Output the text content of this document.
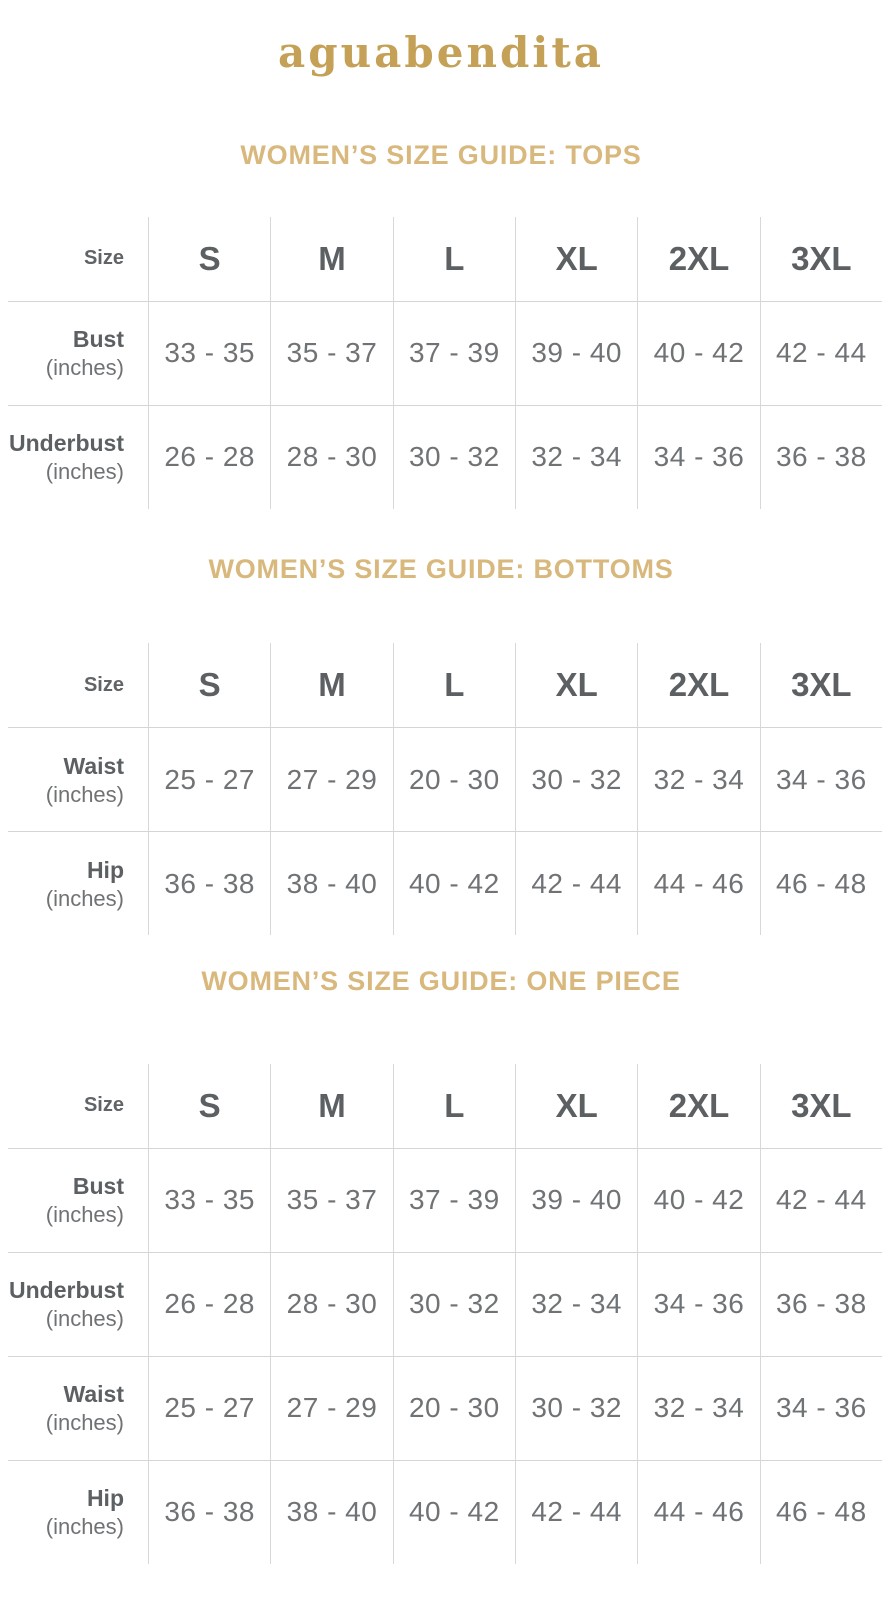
aguabendita
WOMEN’S SIZE GUIDE: TOPS
Size	S	M	L	XL	2XL	3XL
Bust
(inches)	33 - 35	35 - 37	37 - 39	39 - 40	40 - 42	42 - 44
Underbust
(inches)	26 - 28	28 - 30	30 - 32	32 - 34	34 - 36	36 - 38
WOMEN’S SIZE GUIDE: BOTTOMS
Size	S	M	L	XL	2XL	3XL
Waist
(inches)	25 - 27	27 - 29	20 - 30	30 - 32	32 - 34	34 - 36
Hip
(inches)	36 - 38	38 - 40	40 - 42	42 - 44	44 - 46	46 - 48
WOMEN’S SIZE GUIDE: ONE PIECE
Size	S	M	L	XL	2XL	3XL
Bust
(inches)	33 - 35	35 - 37	37 - 39	39 - 40	40 - 42	42 - 44
Underbust
(inches)	26 - 28	28 - 30	30 - 32	32 - 34	34 - 36	36 - 38
Waist
(inches)	25 - 27	27 - 29	20 - 30	30 - 32	32 - 34	34 - 36
Hip
(inches)	36 - 38	38 - 40	40 - 42	42 - 44	44 - 46	46 - 48
